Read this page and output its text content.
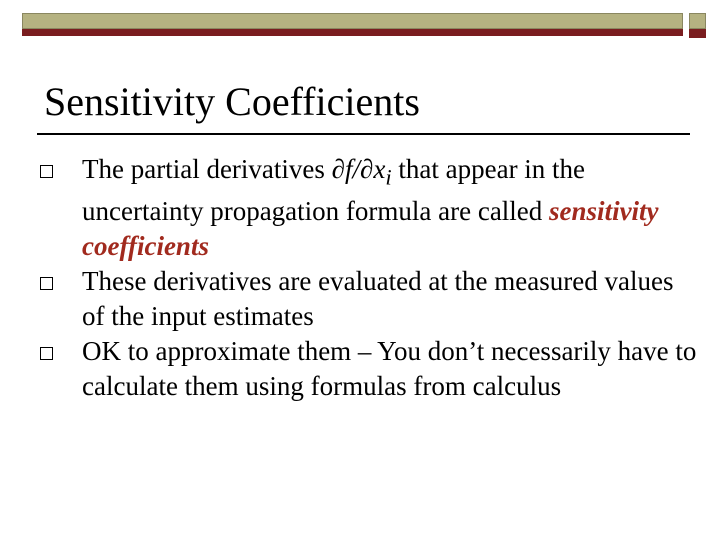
Sensitivity Coefficients
The partial derivatives $\partial f/\partial x_i$ that appear in the uncertainty propagation formula are called sensitivity coefficients
These derivatives are evaluated at the measured values of the input estimates
OK to approximate them – You don’t necessarily have to calculate them using formulas from calculus
